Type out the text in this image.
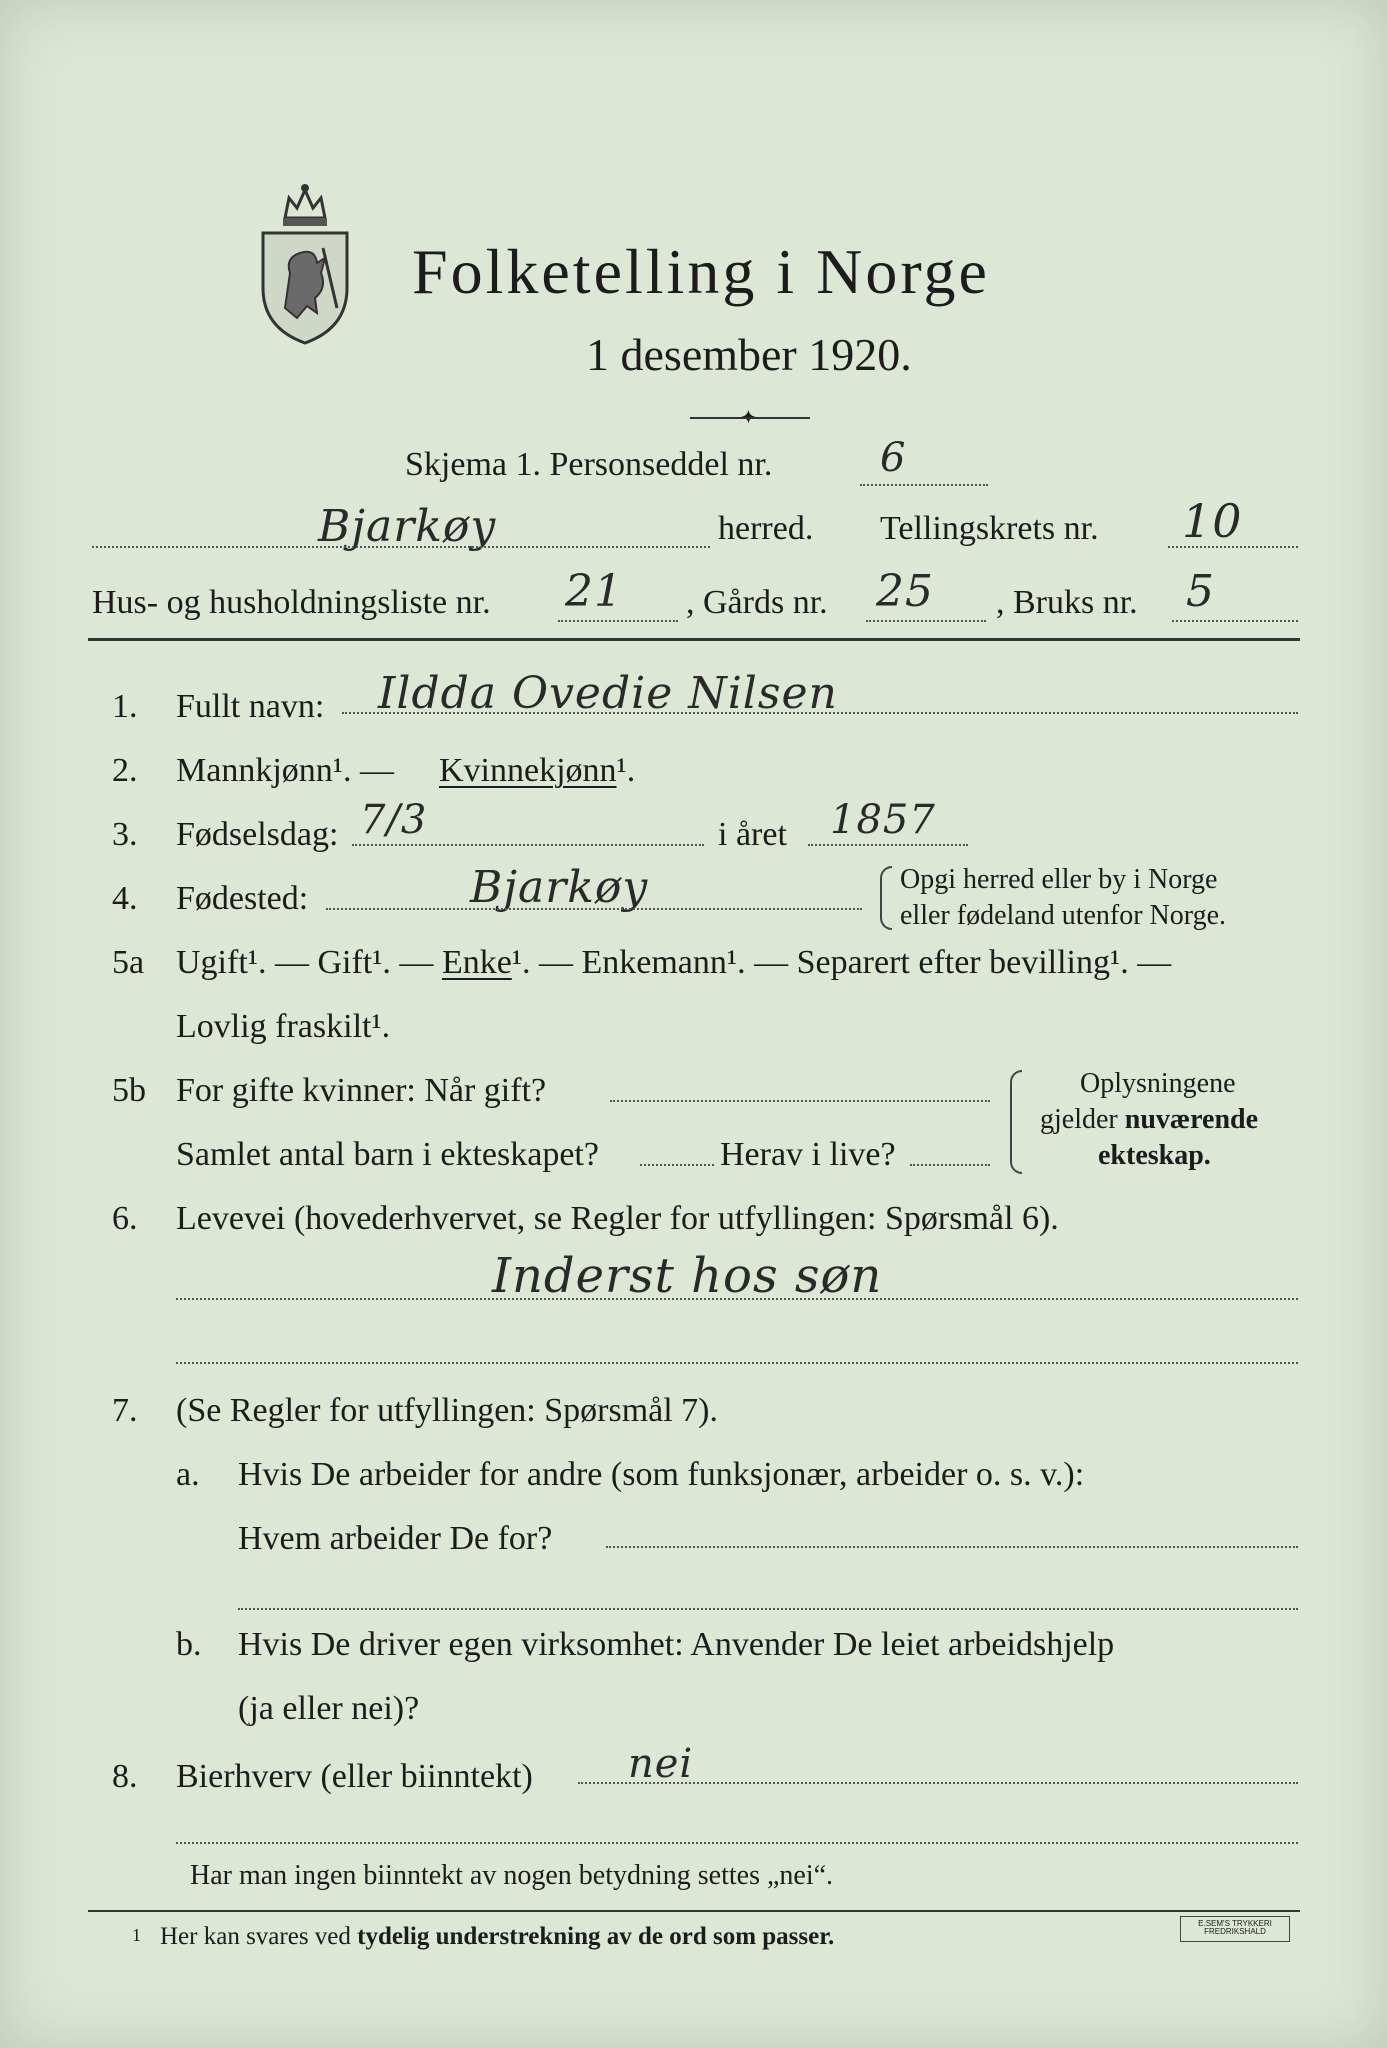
Folketelling i Norge
1 desember 1920.
✦
Skjema 1. Personseddel nr.	6
Bjarkøy	herred. Tellingskrets nr. 10
Hus- og husholdningsliste nr. 21 , Gårds nr. 25 , Bruks nr. 5
1. Fullt navn: Ildda Ovedie Nilsen
2. Mannkjønn¹. — Kvinnekjønn¹.
3. Fødselsdag: 7/3	i året 1857
4. Fødested:	Bjarkøy	Opgi herred eller by i Norge
eller fødeland utenfor Norge.
5a Ugift¹. — Gift¹. — Enke¹. — Enkemann¹. — Separert efter bevilling¹. —
Lovlig fraskilt¹.
5b For gifte kvinner: Når gift?
Samlet antal barn i ekteskapet?	Herav i live?
Oplysningene
gjelder nuværende
ekteskap.
6. Levevei (hovederhvervet, se Regler for utfyllingen: Spørsmål 6).
Inderst hos søn
7. (Se Regler for utfyllingen: Spørsmål 7).
a. Hvis De arbeider for andre (som funksjonær, arbeider o. s. v.):
Hvem arbeider De for?
b. Hvis De driver egen virksomhet: Anvender De leiet arbeidshjelp
(ja eller nei)?
8. Bierhverv (eller biinntekt) nei
Har man ingen biinntekt av nogen betydning settes „nei“.
1 Her kan svares ved tydelig understrekning av de ord som passer.	E.SEM'S TRYKKERI
FREDRIKSHALD
